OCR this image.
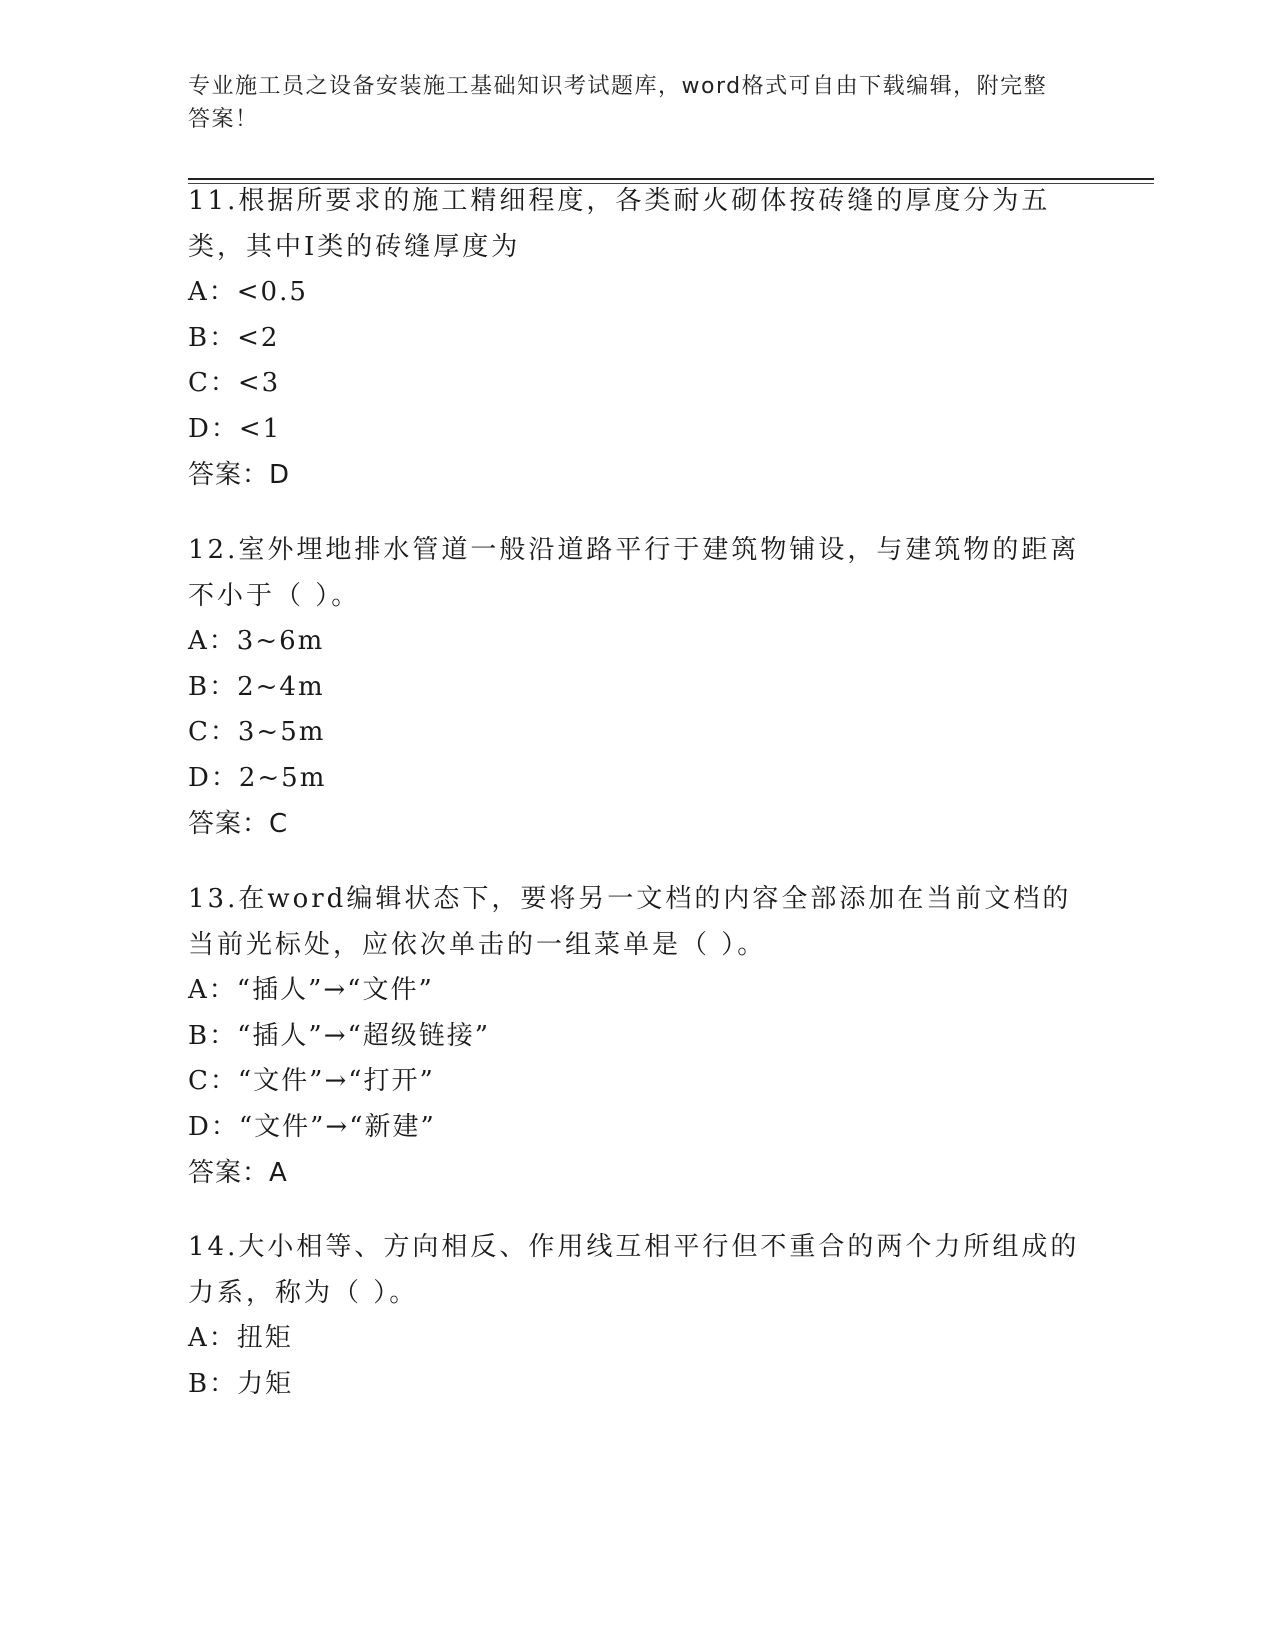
专业施工员之设备安装施工基础知识考试题库，word格式可自由下载编辑，附完整答案！

11.根据所要求的施工精细程度，各类耐火砌体按砖缝的厚度分为五类，其中Ⅰ类的砖缝厚度为

A：<0.5

B：<2

C：<3

D：<1

答案：D

12.室外埋地排水管道一般沿道路平行于建筑物铺设，与建筑物的距离不小于（ ）。

A：3~6m

B：2~4m

C：3~5m

D：2~5m

答案：C

13.在word编辑状态下，要将另一文档的内容全部添加在当前文档的当前光标处，应依次单击的一组菜单是（ ）。

A：“插人”→“文件”

B：“插人”→“超级链接”

C：“文件”→“打开”

D：“文件”→“新建”

答案：A

14.大小相等、方向相反、作用线互相平行但不重合的两个力所组成的力系，称为（ ）。

A：扭矩

B：力矩
